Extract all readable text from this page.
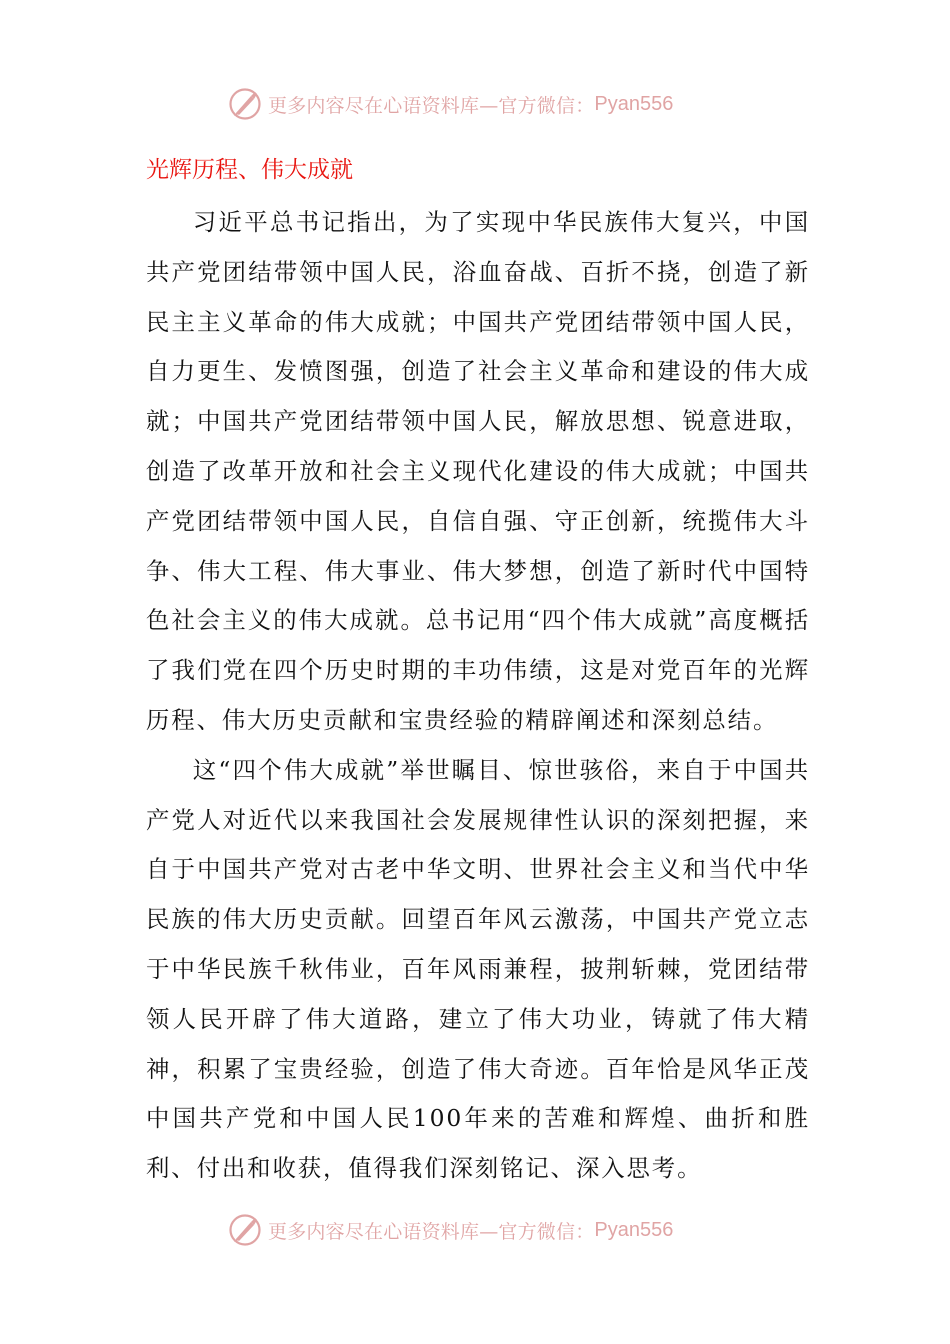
更多内容尽在心语资料库—官方微信： Pyan556
光辉历程、伟大成就

习近平总书记指出，为了实现中华民族伟大复兴，中国共产党团结带领中国人民，浴血奋战、百折不挠，创造了新民主主义革命的伟大成就；中国共产党团结带领中国人民，自力更生、发愤图强，创造了社会主义革命和建设的伟大成就；中国共产党团结带领中国人民，解放思想、锐意进取，创造了改革开放和社会主义现代化建设的伟大成就；中国共产党团结带领中国人民，自信自强、守正创新，统揽伟大斗争、伟大工程、伟大事业、伟大梦想，创造了新时代中国特色社会主义的伟大成就。总书记用“四个伟大成就”高度概括了我们党在四个历史时期的丰功伟绩，这是对党百年的光辉历程、伟大历史贡献和宝贵经验的精辟阐述和深刻总结。

这“四个伟大成就”举世瞩目、惊世骇俗，来自于中国共产党人对近代以来我国社会发展规律性认识的深刻把握，来自于中国共产党对古老中华文明、世界社会主义和当代中华民族的伟大历史贡献。回望百年风云激荡，中国共产党立志于中华民族千秋伟业，百年风雨兼程，披荆斩棘，党团结带领人民开辟了伟大道路，建立了伟大功业，铸就了伟大精神，积累了宝贵经验，创造了伟大奇迹。百年恰是风华正茂中国共产党和中国人民100年来的苦难和辉煌、曲折和胜利、付出和收获，值得我们深刻铭记、深入思考。

更多内容尽在心语资料库—官方微信： Pyan556
